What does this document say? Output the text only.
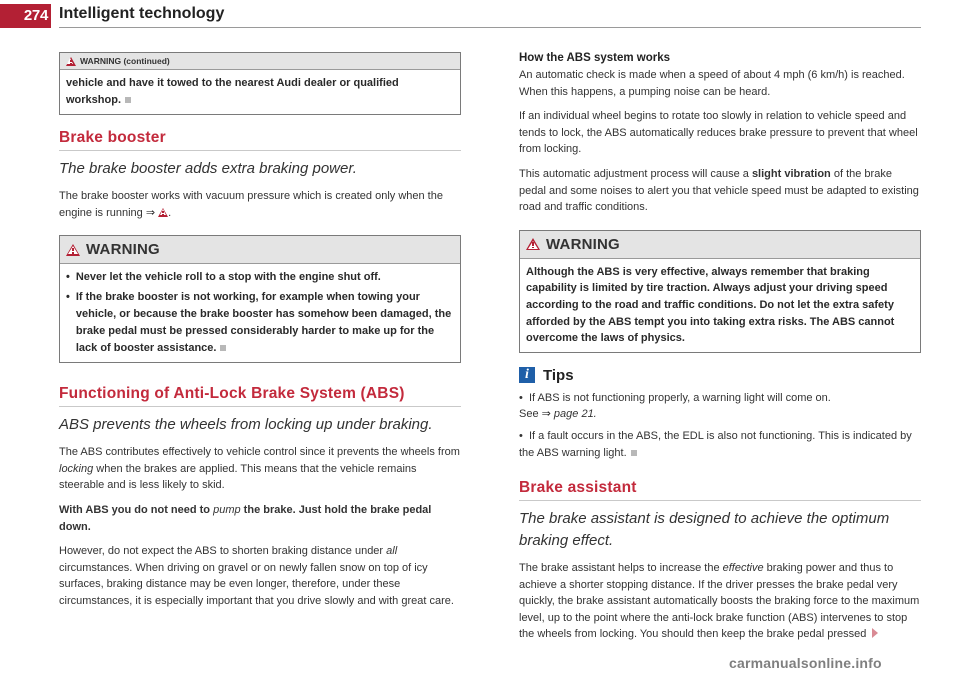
274 Intelligent technology
WARNING (continued)

vehicle and have it towed to the nearest Audi dealer or qualified workshop.

Brake booster
The brake booster adds extra braking power.

The brake booster works with vacuum pressure which is created only when the engine is running ⇒ .

WARNING
• Never let the vehicle roll to a stop with the engine shut off.
• If the brake booster is not working, for example when towing your vehicle, or because the brake booster has somehow been damaged, the brake pedal must be pressed considerably harder to make up for the lack of booster assistance.
Functioning of Anti-Lock Brake System (ABS)
ABS prevents the wheels from locking up under braking.

The ABS contributes effectively to vehicle control since it prevents the wheels from locking when the brakes are applied. This means that the vehicle remains steerable and is less likely to skid.

With ABS you do not need to pump the brake. Just hold the brake pedal down.

However, do not expect the ABS to shorten braking distance under all circumstances. When driving on gravel or on newly fallen snow on top of icy surfaces, braking distance may be even longer, therefore, under these circumstances, it is especially important that you drive slowly and with great care.

How the ABS system works

An automatic check is made when a speed of about 4 mph (6 km/h) is reached. When this happens, a pumping noise can be heard.

If an individual wheel begins to rotate too slowly in relation to vehicle speed and tends to lock, the ABS automatically reduces brake pressure to prevent that wheel from locking.

This automatic adjustment process will cause a slight vibration of the brake pedal and some noises to alert you that vehicle speed must be adapted to existing road and traffic conditions.

WARNING

Although the ABS is very effective, always remember that braking capability is limited by tire traction. Always adjust your driving speed according to the road and traffic conditions. Do not let the extra safety afforded by the ABS tempt you into taking extra risks. The ABS cannot overcome the laws of physics.

i Tips
• If ABS is not functioning properly, a warning light will come on.
See ⇒ page 21.
• If a fault occurs in the ABS, the EDL is also not functioning. This is indicated by the ABS warning light.
Brake assistant
The brake assistant is designed to achieve the optimum braking effect.

The brake assistant helps to increase the effective braking power and thus to achieve a shorter stopping distance. If the driver presses the brake pedal very quickly, the brake assistant automatically boosts the braking force to the maximum level, up to the point where the anti-lock brake function (ABS) intervenes to stop the wheels from locking. You should then keep the brake pedal pressed

carmanualsonline.info
